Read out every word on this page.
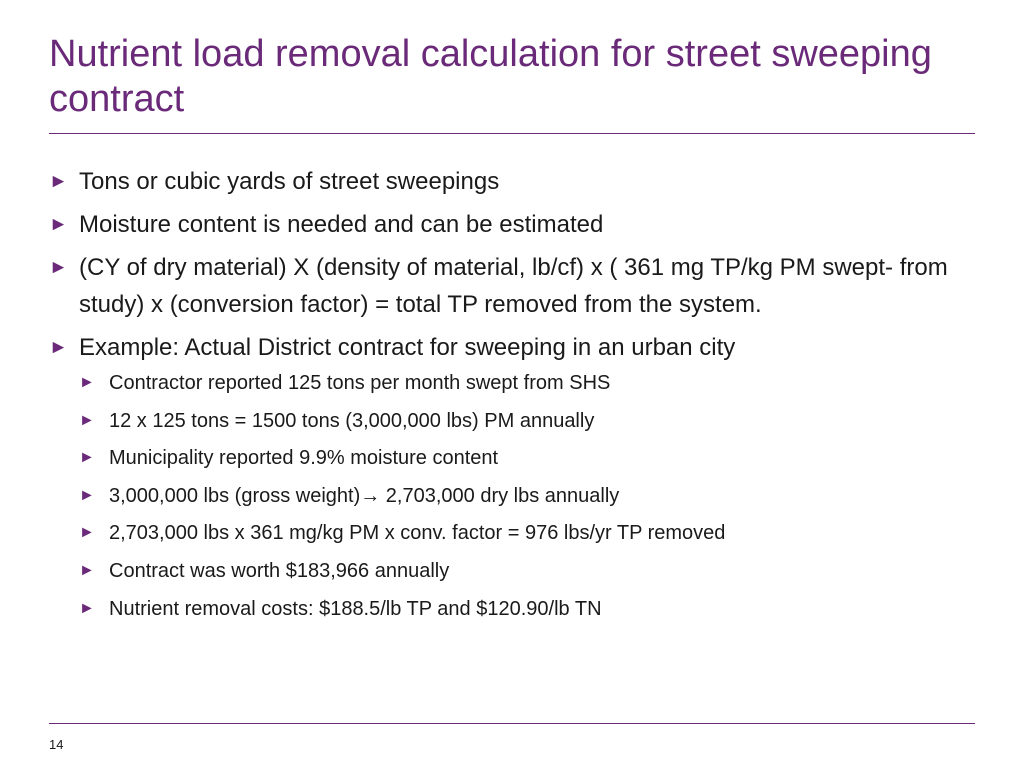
Nutrient load removal calculation for street sweeping contract
► Tons or cubic yards of street sweepings
► Moisture content is needed and can be estimated
► (CY of dry material) X (density of material, lb/cf) x ( 361 mg TP/kg PM swept- from study) x (conversion factor) = total TP removed from the system.
► Example: Actual District contract for sweeping in an urban city
► Contractor reported 125 tons per month swept from SHS
► 12 x 125 tons = 1500 tons (3,000,000 lbs) PM annually
► Municipality reported 9.9% moisture content
► 3,000,000 lbs (gross weight)→ 2,703,000 dry lbs annually
► 2,703,000 lbs x 361 mg/kg PM x conv. factor = 976 lbs/yr TP removed
► Contract was worth $183,966 annually
► Nutrient removal costs: $188.5/lb TP and $120.90/lb TN
14
